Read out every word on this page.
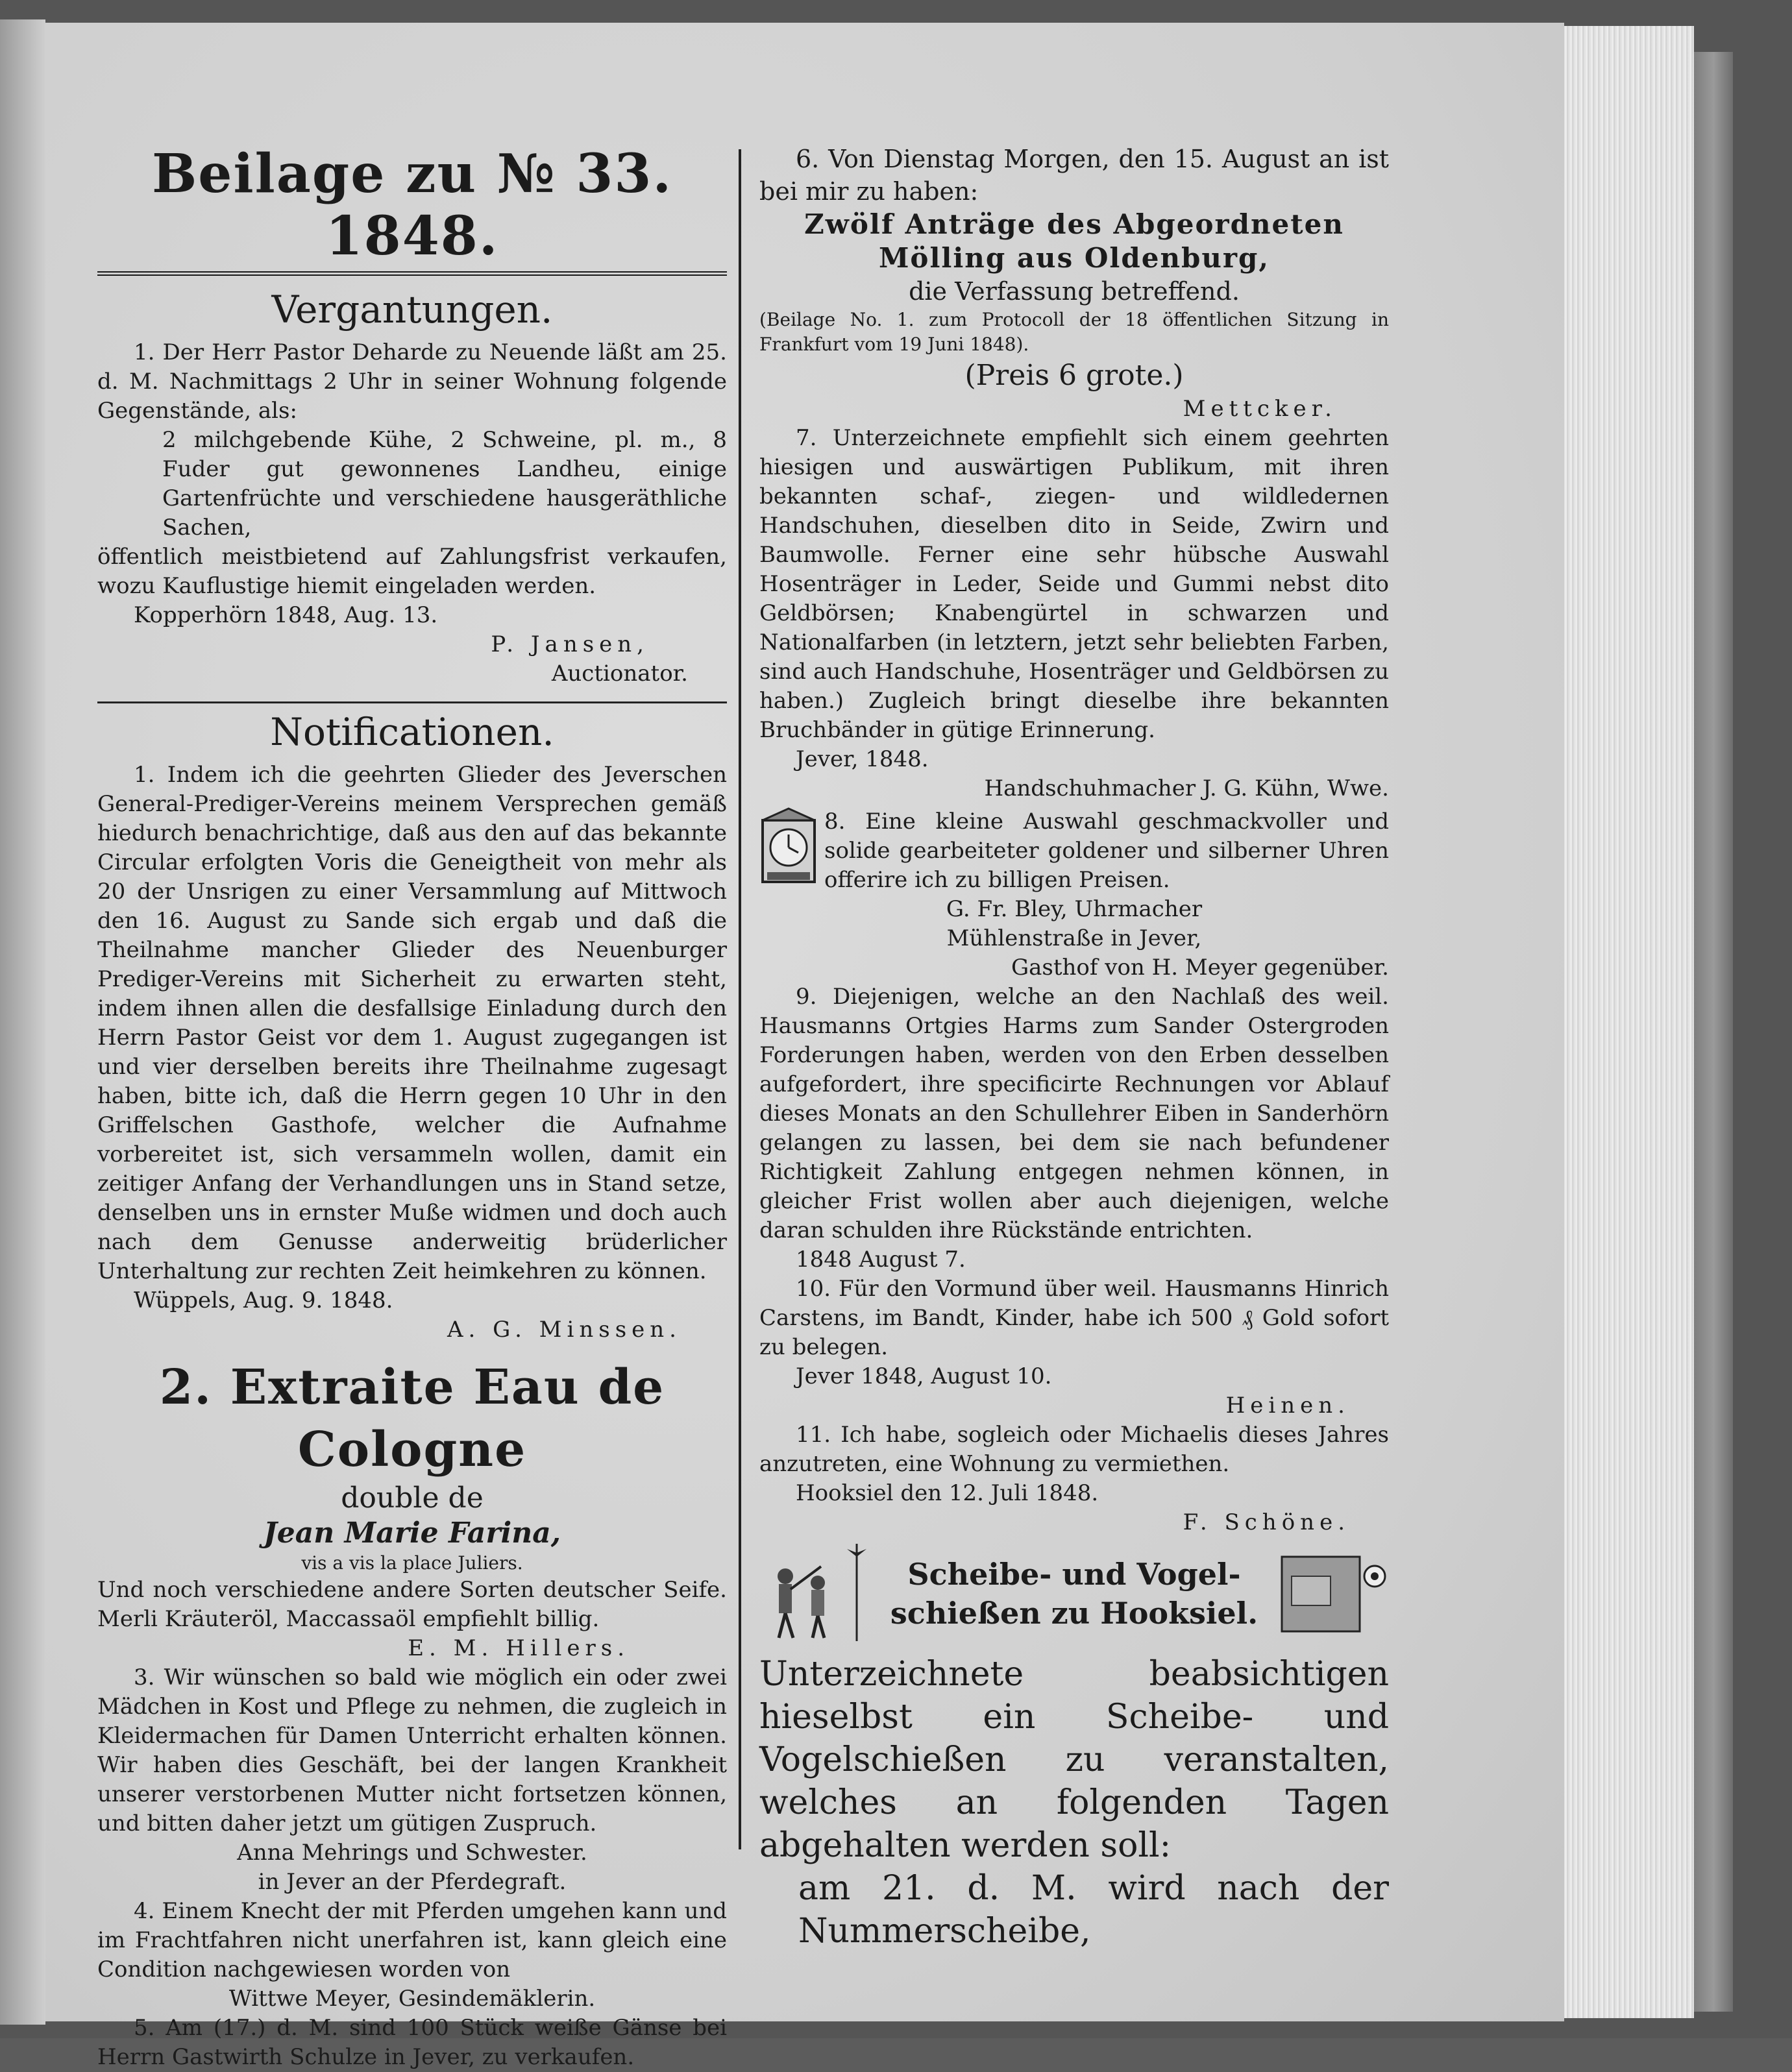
Beilage zu № 33. 1848.
Vergantungen.

1. Der Herr Pastor Deharde zu Neuende läßt am 25. d. M. Nachmittags 2 Uhr in seiner Wohnung folgende Gegenstände, als:

2 milchgebende Kühe, 2 Schweine, pl. m., 8 Fuder gut gewonnenes Landheu, einige Gartenfrüchte und verschiedene hausgeräthliche Sachen,

öffentlich meistbietend auf Zahlungsfrist verkaufen, wozu Kauflustige hiemit eingeladen werden.

Kopperhörn 1848, Aug. 13.

P. Jansen,

Auctionator.

Notificationen.

1. Indem ich die geehrten Glieder des Jeverschen General-Prediger-Vereins meinem Versprechen gemäß hiedurch benachrichtige, daß aus den auf das bekannte Circular erfolgten Voris die Geneigtheit von mehr als 20 der Unsrigen zu einer Versammlung auf Mittwoch den 16. August zu Sande sich ergab und daß die Theilnahme mancher Glieder des Neuenburger Prediger-Vereins mit Sicherheit zu erwarten steht, indem ihnen allen die desfallsige Einladung durch den Herrn Pastor Geist vor dem 1. August zugegangen ist und vier derselben bereits ihre Theilnahme zugesagt haben, bitte ich, daß die Herrn gegen 10 Uhr in den Griffelschen Gasthofe, welcher die Aufnahme vorbereitet ist, sich versammeln wollen, damit ein zeitiger Anfang der Verhandlungen uns in Stand setze, denselben uns in ernster Muße widmen und doch auch nach dem Genusse anderweitig brüderlicher Unterhaltung zur rechten Zeit heimkehren zu können.

Wüppels, Aug. 9. 1848.

A. G. Minssen.

2. Extraite Eau de
Cologne
double de
Jean Marie Farina,

vis a vis la place Juliers.

Und noch verschiedene andere Sorten deutscher Seife. Merli Kräuteröl, Maccassaöl empfiehlt billig.

E. M. Hillers.

3. Wir wünschen so bald wie möglich ein oder zwei Mädchen in Kost und Pflege zu nehmen, die zugleich in Kleidermachen für Damen Unterricht erhalten können. Wir haben dies Geschäft, bei der langen Krankheit unserer verstorbenen Mutter nicht fortsetzen können, und bitten daher jetzt um gütigen Zuspruch.

Anna Mehrings und Schwester.

in Jever an der Pferdegraft.

4. Einem Knecht der mit Pferden umgehen kann und im Frachtfahren nicht unerfahren ist, kann gleich eine Condition nachgewiesen worden von

Wittwe Meyer, Gesindemäklerin.

5. Am (17.) d. M. sind 100 Stück weiße Gänse bei Herrn Gastwirth Schulze in Jever, zu verkaufen.

6. Von Dienstag Morgen, den 15. August an ist bei mir zu haben:

Zwölf Anträge des Abgeordneten
Mölling aus Oldenburg,
die Verfassung betreffend.

(Beilage No. 1. zum Protocoll der 18 öffentlichen Sitzung in Frankfurt vom 19 Juni 1848).

(Preis 6 grote.)

Mettcker.

7. Unterzeichnete empfiehlt sich einem geehrten hiesigen und auswärtigen Publikum, mit ihren bekannten schaf-, ziegen- und wildledernen Handschuhen, dieselben dito in Seide, Zwirn und Baumwolle. Ferner eine sehr hübsche Auswahl Hosenträger in Leder, Seide und Gummi nebst dito Geldbörsen; Knabengürtel in schwarzen und Nationalfarben (in letztern, jetzt sehr beliebten Farben, sind auch Handschuhe, Hosenträger und Geldbörsen zu haben.) Zugleich bringt dieselbe ihre bekannten Bruchbänder in gütige Erinnerung.

Jever, 1848.

Handschuhmacher J. G. Kühn, Wwe.

8. Eine kleine Auswahl geschmackvoller und solide gearbeiteter goldener und silberner Uhren offerire ich zu billigen Preisen.

G. Fr. Bley, Uhrmacher

Mühlenstraße in Jever,

Gasthof von H. Meyer gegenüber.

9. Diejenigen, welche an den Nachlaß des weil. Hausmanns Ortgies Harms zum Sander Ostergroden Forderungen haben, werden von den Erben desselben aufgefordert, ihre specificirte Rechnungen vor Ablauf dieses Monats an den Schullehrer Eiben in Sanderhörn gelangen zu lassen, bei dem sie nach befundener Richtigkeit Zahlung entgegen nehmen können, in gleicher Frist wollen aber auch diejenigen, welche daran schulden ihre Rückstände entrichten.

1848 August 7.

10. Für den Vormund über weil. Hausmanns Hinrich Carstens, im Bandt, Kinder, habe ich 500 ₰ Gold sofort zu belegen.

Jever 1848, August 10.

Heinen.

11. Ich habe, sogleich oder Michaelis dieses Jahres anzutreten, eine Wohnung zu vermiethen.

Hooksiel den 12. Juli 1848.

F. Schöne.

Scheibe- und Vogel-
schießen zu Hooksiel.

Unterzeichnete beabsichtigen hieselbst ein Scheibe- und Vogelschießen zu veranstalten, welches an folgenden Tagen abgehalten werden soll:

am 21. d. M. wird nach der Nummerscheibe,
